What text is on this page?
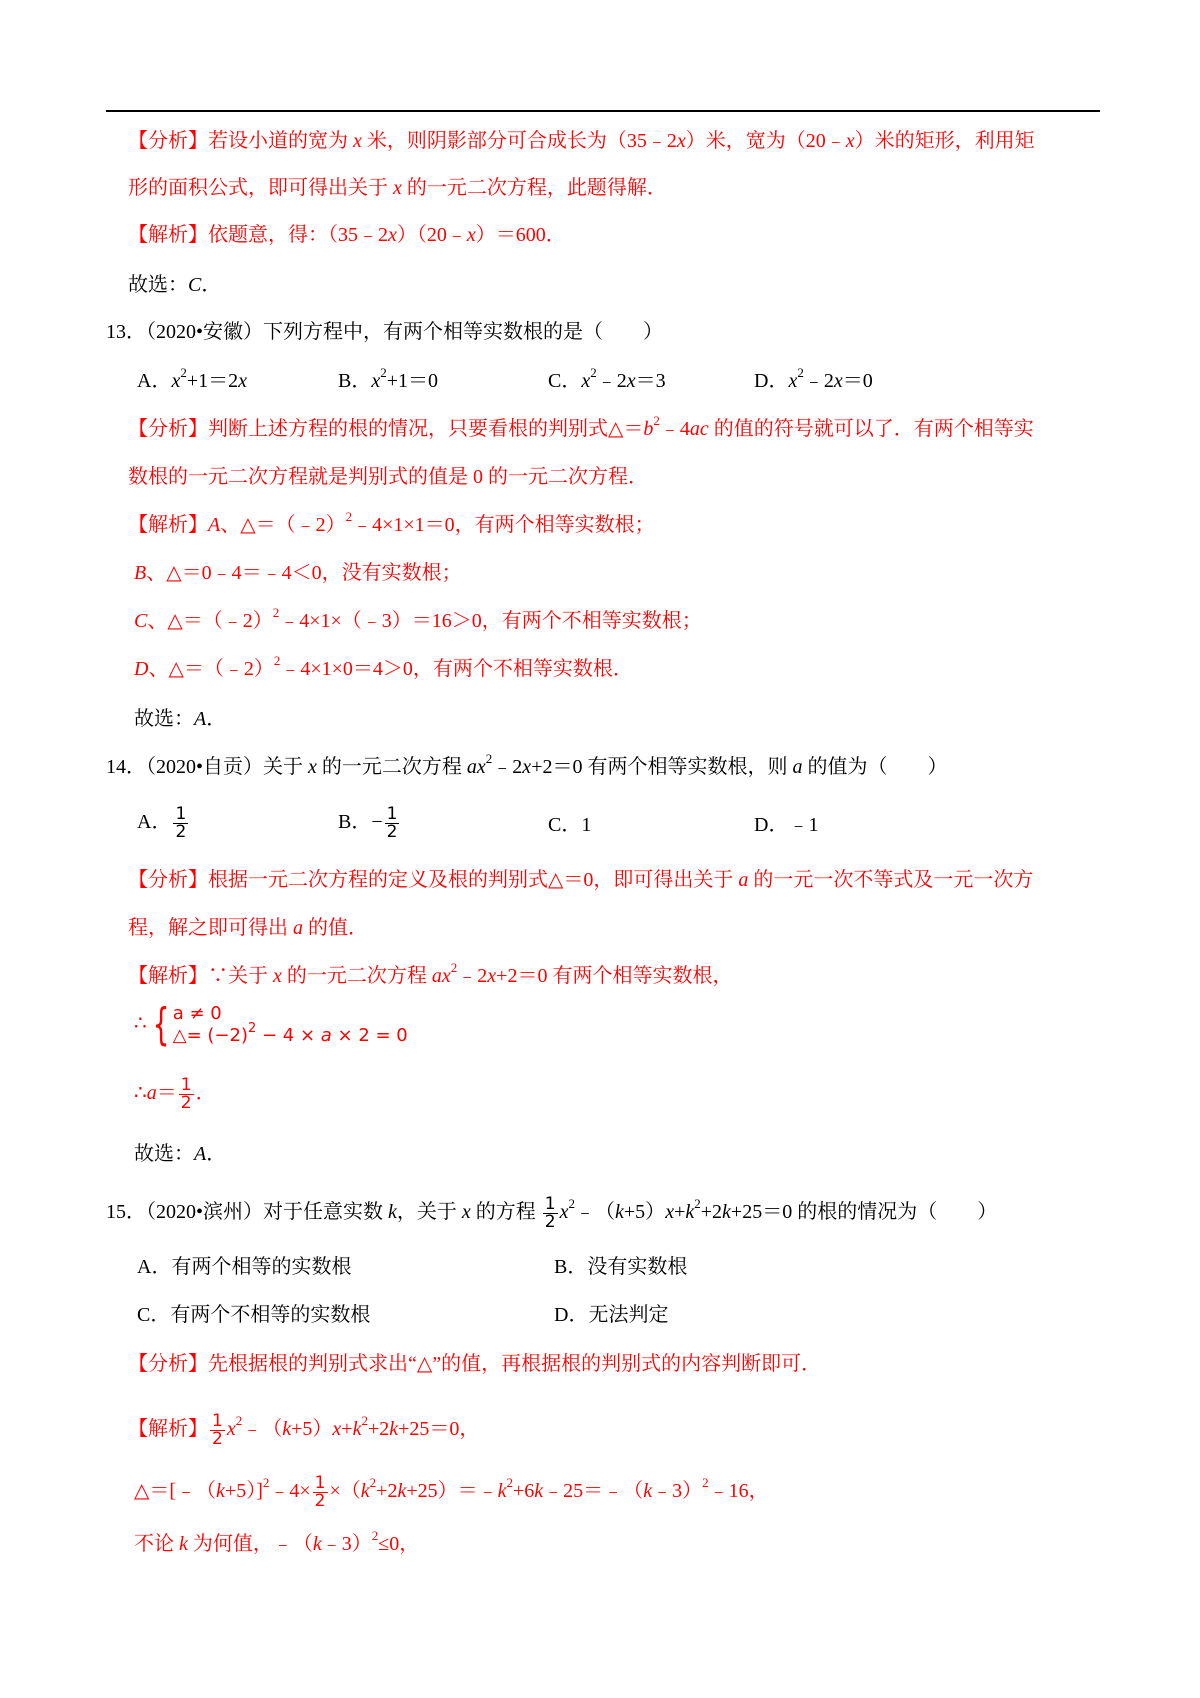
【分析】若设小道的宽为 x 米，则阴影部分可合成长为（35﹣2x）米，宽为（20﹣x）米的矩形，利用矩
形的面积公式，即可得出关于 x 的一元二次方程，此题得解．
【解析】依题意，得：（35﹣2x）（20﹣x）＝600．
故选：C．
13．（2020•安徽）下列方程中，有两个相等实数根的是（　　）
A．$x^2+1=2x$	B．$x^2+1=0$	C．$x^2﹣2x=3$	D．$x^2﹣2x=0$
【分析】判断上述方程的根的情况，只要看根的判别式$\triangle=b^2﹣4ac$ 的值的符号就可以了．有两个相等实
数根的一元二次方程就是判别式的值是 0 的一元二次方程．
【解析】A、△＝（﹣2）$^2$﹣4×1×1＝0，有两个相等实数根；
B、△＝0﹣4＝﹣4＜0，没有实数根；
C、△＝（﹣2）$^2$﹣4×1×（﹣3）＝16＞0，有两个不相等实数根；
D、△＝（﹣2）$^2$﹣4×1×0＝4＞0，有两个不相等实数根．
故选：A．
14．（2020•自贡）关于 x 的一元二次方程 $ax^2﹣2x+2=0$ 有两个相等实数根，则 a 的值为（　　）
A． $\frac{1}{2}$	B．− $\frac{1}{2}$	C．1	D．﹣1
【分析】根据一元二次方程的定义及根的判别式△＝0，即可得出关于 a 的一元一次不等式及一元一次方
程，解之即可得出 a 的值．
【解析】∵关于 x 的一元二次方程 $ax^2﹣2x+2=0$ 有两个相等实数根，
∴ { a ≠ 0
△= $(-2)^2 - 4 \times a \times 2 = 0$
∴a＝ $\frac{1}{2}$ ．
故选：A．
15．（2020•滨州）对于任意实数 k，关于 x 的方程 $\frac{1}{2}$ $x^2﹣(k+5)x+k^2+2k+25=0$ 的根的情况为（　　）
A．有两个相等的实数根	B．没有实数根
C．有两个不相等的实数根	D．无法判定
【分析】先根据根的判别式求出“△”的值，再根据根的判别式的内容判断即可．
【解析】 $\frac{1}{2}$ $x^2﹣(k+5)x+k^2+2k+25=0$，
△＝[﹣（k+5）]$^2$﹣4× $\frac{1}{2}$ $\times(k^2+2k+25)=﹣k^2+6k﹣25=﹣(k﹣3)^2﹣16$，
不论 k 为何值，﹣（k﹣3）$^2$≤0，
